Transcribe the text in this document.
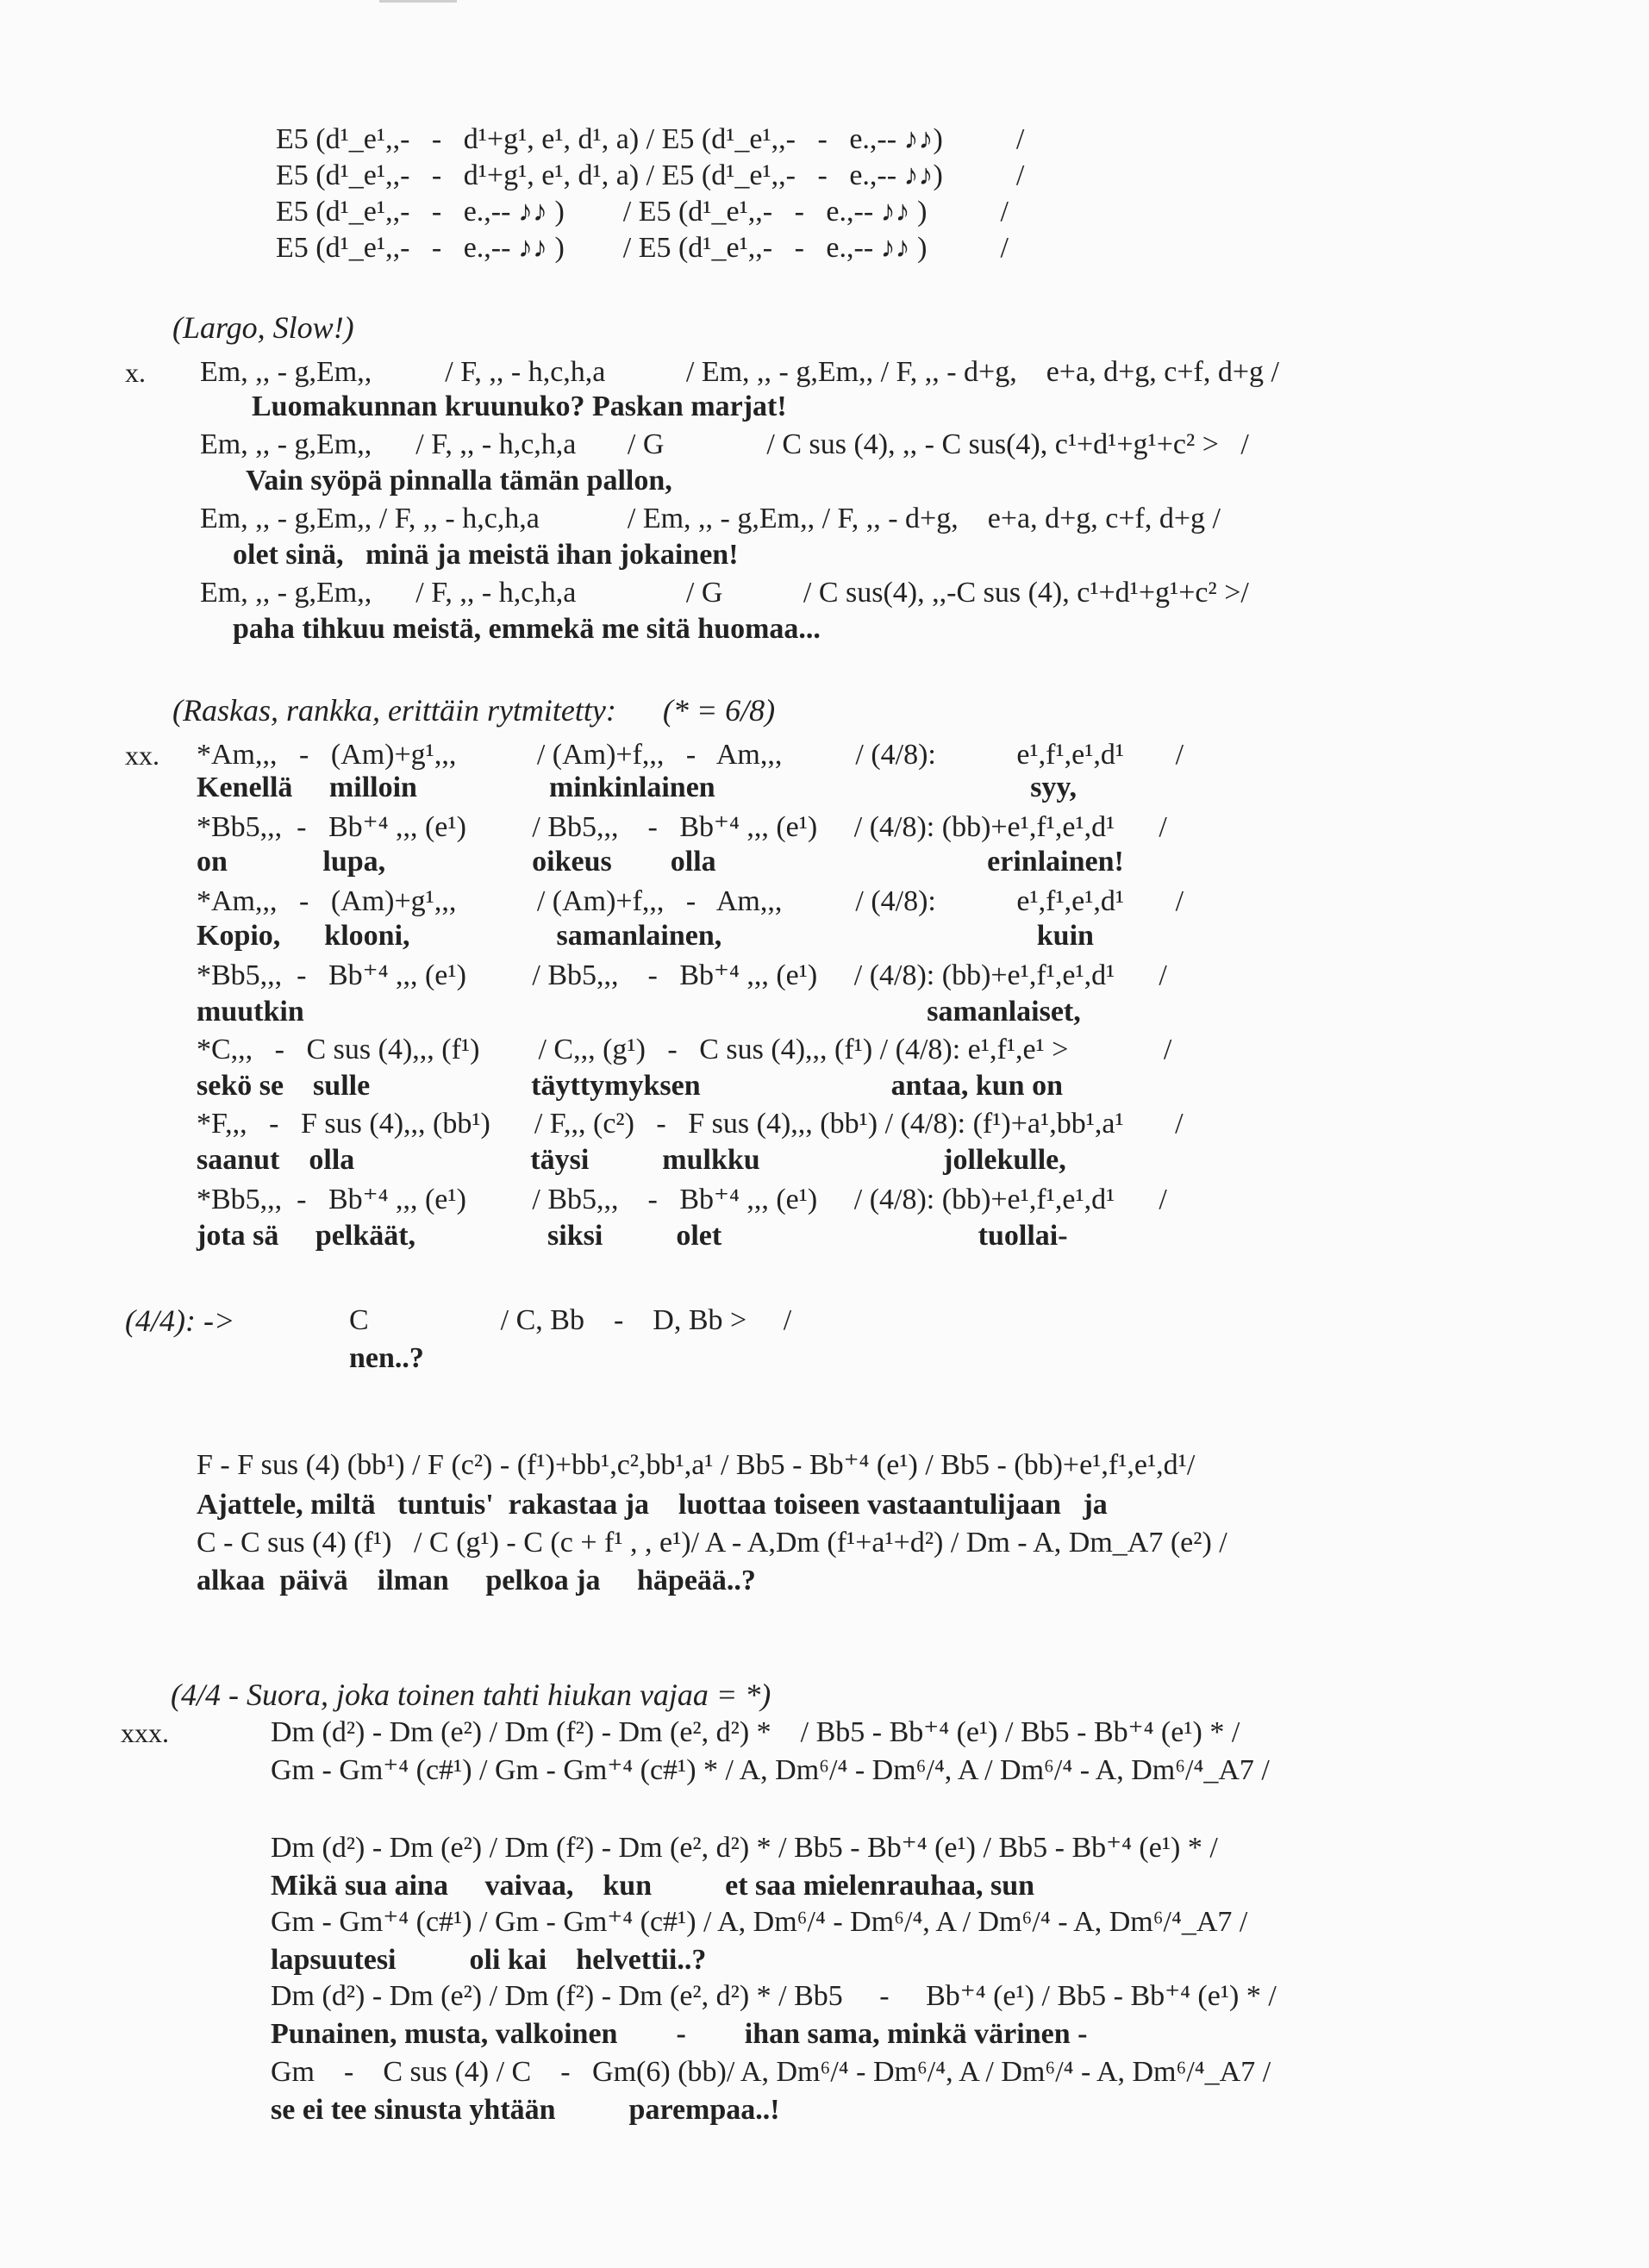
E5 (d¹_e¹,,-   -   d¹+g¹, e¹, d¹, a) / E5 (d¹_e¹,,-   -   e.,-- ♪♪)          /
E5 (d¹_e¹,,-   -   d¹+g¹, e¹, d¹, a) / E5 (d¹_e¹,,-   -   e.,-- ♪♪)          /
E5 (d¹_e¹,,-   -   e.,-- ♪♪ )        / E5 (d¹_e¹,,-   -   e.,-- ♪♪ )          /
E5 (d¹_e¹,,-   -   e.,-- ♪♪ )        / E5 (d¹_e¹,,-   -   e.,-- ♪♪ )          /
(Largo, Slow!)
x. Em, ,, - g,Em,,          / F, ,, - h,c,h,a           / Em, ,, - g,Em,, / F, ,, - d+g,    e+a, d+g, c+f, d+g /
Luomakunnan kruunuko? Paskan marjat!
Em, ,, - g,Em,,      / F, ,, - h,c,h,a       / G              / C sus (4), ,, - C sus(4), c¹+d¹+g¹+c² >   /
Vain syöpä pinnalla tämän pallon,
Em, ,, - g,Em,, / F, ,, - h,c,h,a            / Em, ,, - g,Em,, / F, ,, - d+g,    e+a, d+g, c+f, d+g /
olet sinä,   minä ja meistä ihan jokainen!
Em, ,, - g,Em,,      / F, ,, - h,c,h,a               / G           / C sus(4), ,,-C sus (4), c¹+d¹+g¹+c² >/
paha tihkuu meistä, emmekä me sitä huomaa...
(Raskas, rankka, erittäin rytmitetty:      (* = 6/8)
xx. *Am,,,   -   (Am)+g¹,,,           / (Am)+f,,,   -   Am,,,          / (4/8):           e¹,f¹,e¹,d¹       /
Kenellä     milloin                  minkinlainen                                           syy,
*Bb5,,,  -   Bb⁺⁴ ,,, (e¹)         / Bb5,,,    -   Bb⁺⁴ ,,, (e¹)     / (4/8): (bb)+e¹,f¹,e¹,d¹      /
on             lupa,                    oikeus        olla                                     erinlainen!
*Am,,,   -   (Am)+g¹,,,           / (Am)+f,,,   -   Am,,,          / (4/8):           e¹,f¹,e¹,d¹       /
Kopio,      klooni,                    samanlainen,                                           kuin
*Bb5,,,  -   Bb⁺⁴ ,,, (e¹)         / Bb5,,,    -   Bb⁺⁴ ,,, (e¹)     / (4/8): (bb)+e¹,f¹,e¹,d¹      /
muutkin                                                                                     samanlaiset,
*C,,,   -   C sus (4),,, (f¹)        / C,,, (g¹)   -   C sus (4),,, (f¹) / (4/8): e¹,f¹,e¹ >             /
sekö se    sulle                      täyttymyksen                          antaa, kun on
*F,,,   -   F sus (4),,, (bb¹)      / F,,, (c²)   -   F sus (4),,, (bb¹) / (4/8): (f¹)+a¹,bb¹,a¹       /
saanut    olla                        täysi          mulkku                         jollekulle,
*Bb5,,,  -   Bb⁺⁴ ,,, (e¹)         / Bb5,,,    -   Bb⁺⁴ ,,, (e¹)     / (4/8): (bb)+e¹,f¹,e¹,d¹      /
jota sä     pelkäät,                  siksi          olet                                   tuollai-
(4/4): ->	C                  / C, Bb    -    D, Bb >     /
nen..?
F - F sus (4) (bb¹) / F (c²) - (f¹)+bb¹,c²,bb¹,a¹ / Bb5 - Bb⁺⁴ (e¹) / Bb5 - (bb)+e¹,f¹,e¹,d¹/
Ajattele, miltä   tuntuis'  rakastaa ja    luottaa toiseen vastaantulijaan   ja
C - C sus (4) (f¹)   / C (g¹) - C (c + f¹ , , e¹)/ A - A,Dm (f¹+a¹+d²) / Dm - A, Dm_A7 (e²) /
alkaa  päivä    ilman     pelkoa ja     häpeää..?
(4/4 - Suora, joka toinen tahti hiukan vajaa = *)
xxx.	Dm (d²) - Dm (e²) / Dm (f²) - Dm (e², d²) *    / Bb5 - Bb⁺⁴ (e¹) / Bb5 - Bb⁺⁴ (e¹) * /
Gm - Gm⁺⁴ (c#¹) / Gm - Gm⁺⁴ (c#¹) * / A, Dm⁶/⁴ - Dm⁶/⁴, A / Dm⁶/⁴ - A, Dm⁶/⁴_A7 /
Dm (d²) - Dm (e²) / Dm (f²) - Dm (e², d²) * / Bb5 - Bb⁺⁴ (e¹) / Bb5 - Bb⁺⁴ (e¹) * /
Mikä sua aina     vaivaa,    kun          et saa mielenrauhaa, sun
Gm - Gm⁺⁴ (c#¹) / Gm - Gm⁺⁴ (c#¹) / A, Dm⁶/⁴ - Dm⁶/⁴, A / Dm⁶/⁴ - A, Dm⁶/⁴_A7 /
lapsuutesi          oli kai    helvettii..?
Dm (d²) - Dm (e²) / Dm (f²) - Dm (e², d²) * / Bb5     -     Bb⁺⁴ (e¹) / Bb5 - Bb⁺⁴ (e¹) * /
Punainen, musta, valkoinen        -        ihan sama, minkä värinen -
Gm    -    C sus (4) / C    -   Gm(6) (bb)/ A, Dm⁶/⁴ - Dm⁶/⁴, A / Dm⁶/⁴ - A, Dm⁶/⁴_A7 /
se ei tee sinusta yhtään          parempaa..!
